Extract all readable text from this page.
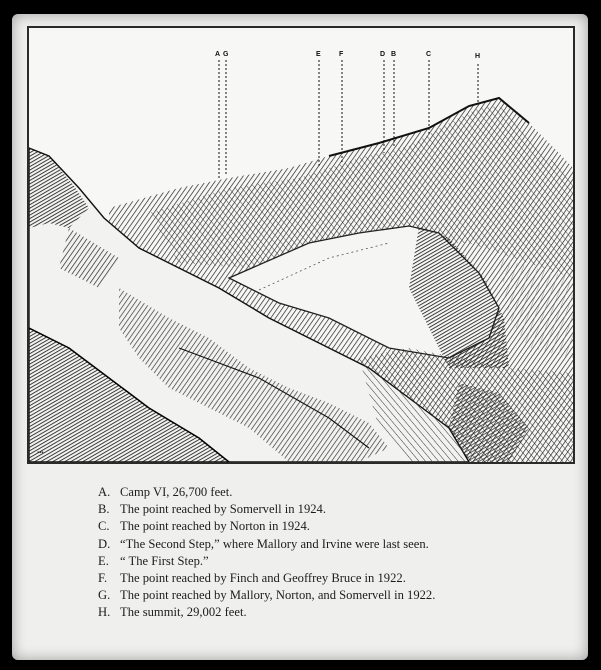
A G	E	F	D B	C	H
▪▪▪
A. Camp VI, 26,700 feet.
B. The point reached by Somervell in 1924.
C. The point reached by Norton in 1924.
D. “The Second Step,” where Mallory and Irvine were last seen.
E. “ The First Step.”
F. The point reached by Finch and Geoffrey Bruce in 1922.
G. The point reached by Mallory, Norton, and Somervell in 1922.
H. The summit, 29,002 feet.
